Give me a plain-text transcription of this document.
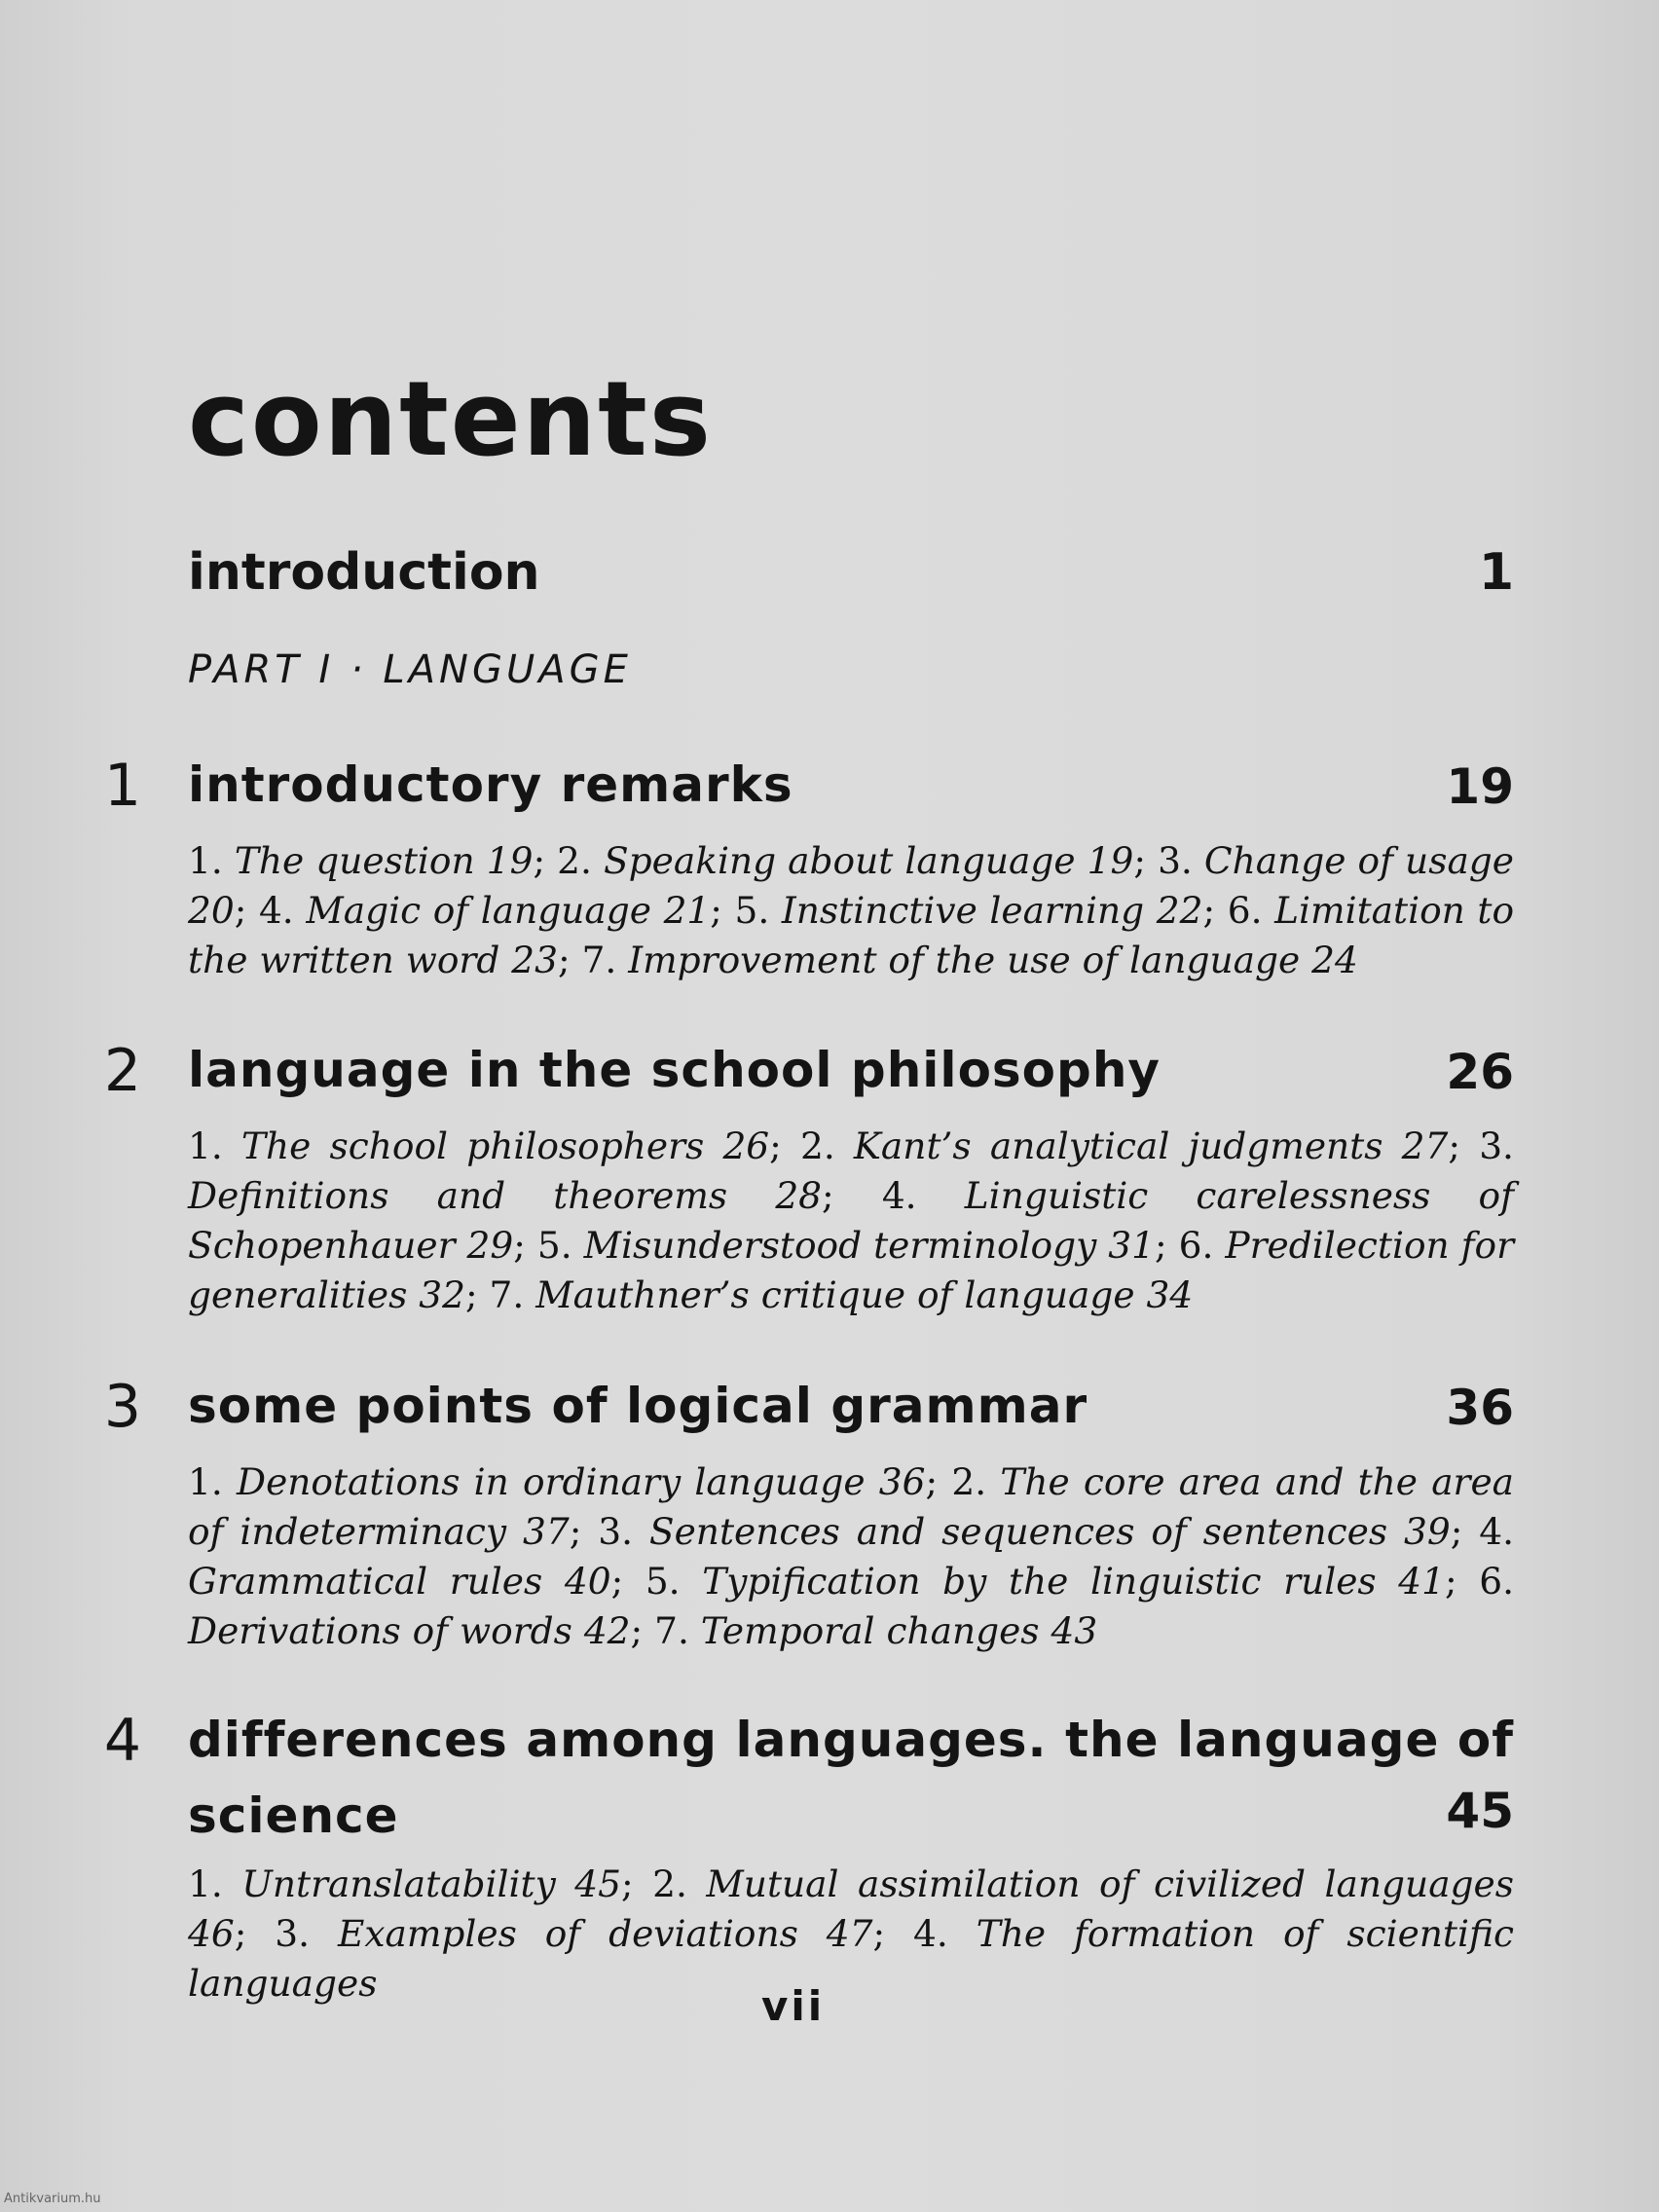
contents
introduction	1
PART I · LANGUAGE
1 introductory remarks	19
1. The question 19; 2. Speaking about language 19; 3. Change of usage 20; 4. Magic of language 21; 5. Instinctive learning 22; 6. Limitation to the written word 23; 7. Improvement of the use of language 24
2 language in the school philosophy	26
1. The school philosophers 26; 2. Kant’s analytical judgments 27; 3. Definitions and theorems 28; 4. Linguistic carelessness of Schopenhauer 29; 5. Misunderstood terminology 31; 6. Predilection for generalities 32; 7. Mauthner’s critique of language 34
3 some points of logical grammar	36
1. Denotations in ordinary language 36; 2. The core area and the area of indeterminacy 37; 3. Sentences and sequences of sentences 39; 4. Grammatical rules 40; 5. Typification by the linguistic rules 41; 6. Derivations of words 42; 7. Temporal changes 43
4 differences among languages. the language of science	45
1. Untranslatability 45; 2. Mutual assimilation of civilized languages 46; 3. Examples of deviations 47; 4. The formation of scientific languages	vii
Antikvarium.hu
